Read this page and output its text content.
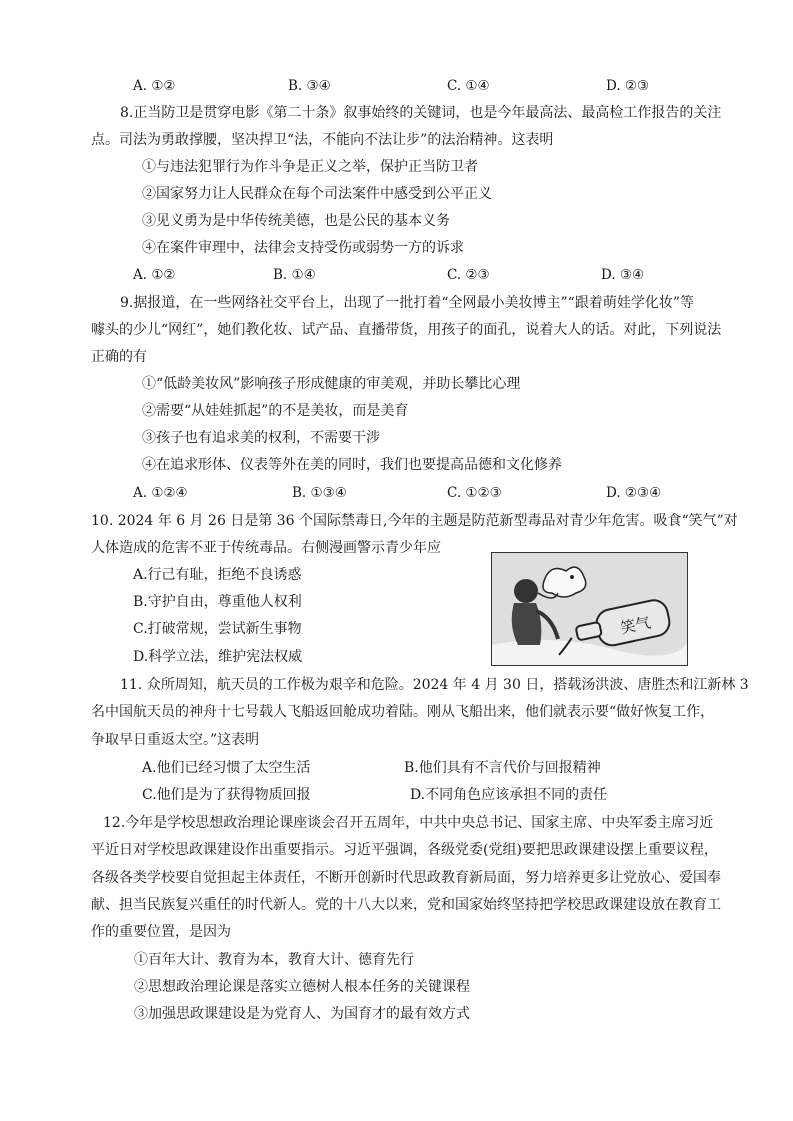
A. ①②	B. ③④	C. ①④	D. ②③
8.正当防卫是贯穿电影《第二十条》叙事始终的关键词，也是今年最高法、最高检工作报告的关注
点。司法为勇敢撑腰，坚决捍卫“法，不能向不法让步”的法治精神。这表明
①与违法犯罪行为作斗争是正义之举，保护正当防卫者
②国家努力让人民群众在每个司法案件中感受到公平正义
③见义勇为是中华传统美德，也是公民的基本义务
④在案件审理中，法律会支持受伤或弱势一方的诉求
A. ①②	B. ①④	C. ②③	D. ③④
9.据报道，在一些网络社交平台上，出现了一批打着“全网最小美妆博主”“跟着萌娃学化妆”等
噱头的少儿“网红”，她们教化妆、试产品、直播带货，用孩子的面孔，说着大人的话。对此，下列说法
正确的有
①“低龄美妆风”影响孩子形成健康的审美观，并助长攀比心理
②需要“从娃娃抓起”的不是美妆，而是美育
③孩子也有追求美的权利，不需要干涉
④在追求形体、仪表等外在美的同时，我们也要提高品德和文化修养
A. ①②④	B. ①③④	C. ①②③	D. ②③④
10. 2024 年 6 月 26 日是第 36 个国际禁毒日,今年的主题是防范新型毒品对青少年危害。吸食“笑气”对
人体造成的危害不亚于传统毒品。右侧漫画警示青少年应
A.行己有耻，拒绝不良诱惑
B.守护自由，尊重他人权利
C.打破常规，尝试新生事物
D.科学立法，维护宪法权威
笑气
11. 众所周知，航天员的工作极为艰辛和危险。2024 年 4 月 30 日，搭载汤洪波、唐胜杰和江新林 3
名中国航天员的神舟十七号载人飞船返回舱成功着陆。刚从飞船出来，他们就表示要“做好恢复工作，
争取早日重返太空。”这表明
A.他们已经习惯了太空生活	B.他们具有不言代价与回报精神
C.他们是为了获得物质回报	D.不同角色应该承担不同的责任
12.今年是学校思想政治理论课座谈会召开五周年，中共中央总书记、国家主席、中央军委主席习近
平近日对学校思政课建设作出重要指示。习近平强调，各级党委(党组)要把思政课建设摆上重要议程，
各级各类学校要自觉担起主体责任，不断开创新时代思政教育新局面，努力培养更多让党放心、爱国奉
献、担当民族复兴重任的时代新人。党的十八大以来，党和国家始终坚持把学校思政课建设放在教育工
作的重要位置，是因为
①百年大计、教育为本，教育大计、德育先行
②思想政治理论课是落实立德树人根本任务的关键课程
③加强思政课建设是为党育人、为国育才的最有效方式
